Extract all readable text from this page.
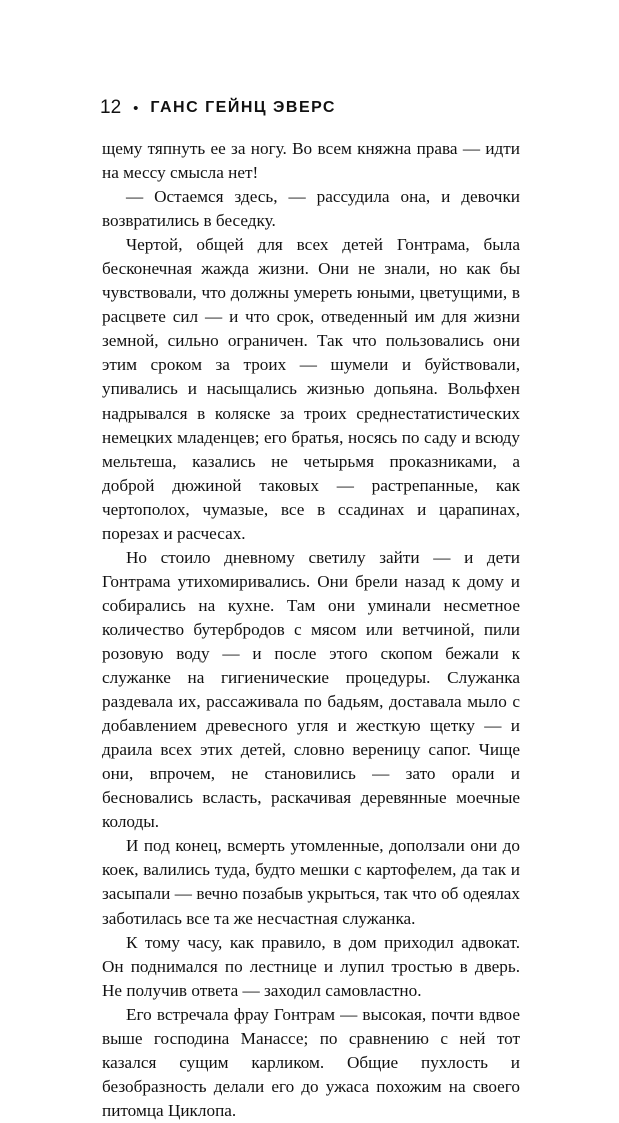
12 • ГАНС ГЕЙНЦ ЭВЕРС

щему тяпнуть ее за ногу. Во всем княжна права — идти на мессу смысла нет!

— Остаемся здесь, — рассудила она, и девочки возвратились в беседку.

Чертой, общей для всех детей Гонтрама, была бесконечная жажда жизни. Они не знали, но как бы чувствовали, что должны умереть юными, цветущими, в расцвете сил — и что срок, отведенный им для жизни земной, сильно ограничен. Так что пользовались они этим сроком за троих — шумели и буйствовали, упивались и насыщались жизнью допьяна. Вольфхен надрывался в коляске за троих среднестатистических немецких младенцев; его братья, носясь по саду и всюду мельтеша, казались не четырьмя проказниками, а доброй дюжиной таковых — растрепанные, как чертополох, чумазые, все в ссадинах и царапинах, порезах и расчесах.

Но стоило дневному светилу зайти — и дети Гонтрама утихомиривались. Они брели назад к дому и собирались на кухне. Там они уминали несметное количество бутербродов с мясом или ветчиной, пили розовую воду — и после этого скопом бежали к служанке на гигиенические процедуры. Служанка раздевала их, рассаживала по бадьям, доставала мыло с добавлением древесного угля и жесткую щетку — и драила всех этих детей, словно вереницу сапог. Чище они, впрочем, не становились — зато орали и бесновались всласть, раскачивая деревянные моечные колоды.

И под конец, всмерть утомленные, доползали они до коек, валились туда, будто мешки с картофелем, да так и засыпали — вечно позабыв укрыться, так что об одеялах заботилась все та же несчастная служанка.

К тому часу, как правило, в дом приходил адвокат. Он поднимался по лестнице и лупил тростью в дверь. Не получив ответа — заходил самовластно.

Его встречала фрау Гонтрам — высокая, почти вдвое выше господина Манассе; по сравнению с ней тот казался сущим карликом. Общие пухлость и безобразность делали его до ужаса похожим на своего питомца Циклопа.
